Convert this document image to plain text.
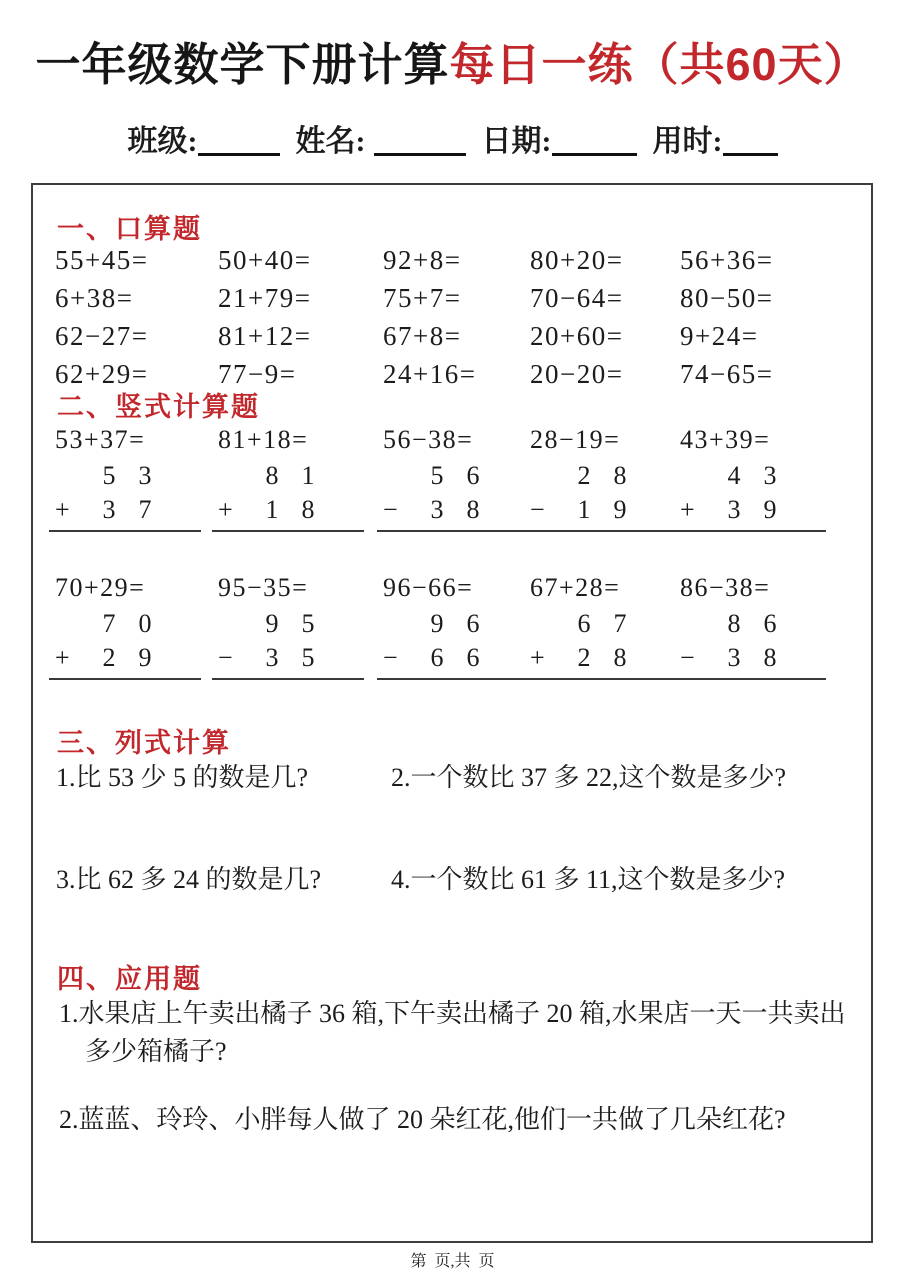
一年级数学下册计算每日一练（共60天）
班级:	姓名:	日期:	用时:
一、口算题
55+45=	50+40=	92+8=	80+20=	56+36=
6+38=	21+79=	75+7=	70−64=	80−50=
62−27=	81+12=	67+8=	20+60=	9+24=
62+29=	77−9=	24+16=	20−20=	74−65=
二、竖式计算题
53+37=
5 3
+	3 7
81+18=
8 1
+	1 8
56−38=
5 6
−	3 8
28−19=
2 8
−	1 9
43+39=
4 3
+	3 9
70+29=
7 0
+	2 9
95−35=
9 5
−	3 5
96−66=
9 6
−	6 6
67+28=
6 7
+	2 8
86−38=
8 6
−	3 8
三、列式计算
1.比 53 少 5 的数是几?	2.一个数比 37 多 22,这个数是多少?
3.比 62 多 24 的数是几?	4.一个数比 61 多 11,这个数是多少?
四、应用题

1.水果店上午卖出橘子 36 箱,下午卖出橘子 20 箱,水果店一天一共卖出多少箱橘子?

2.蓝蓝、玲玲、小胖每人做了 20 朵红花,他们一共做了几朵红花?

第  页,共  页
